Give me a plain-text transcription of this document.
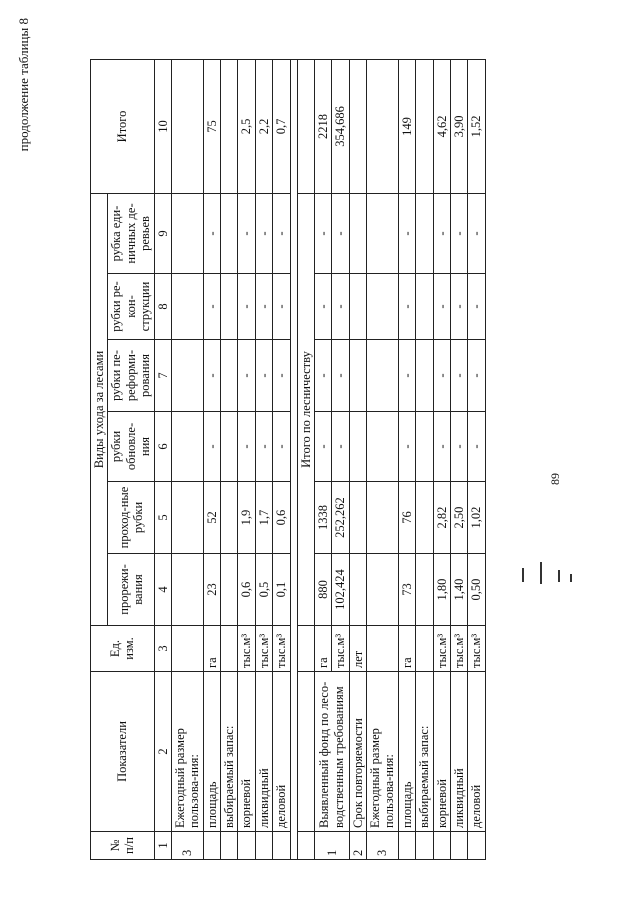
продолжение таблицы 8
№ п/п	Показатели	Ед. изм.	Виды ухода за лесами						Итого
			прорежи-вания	проход-ные рубки	рубки обновле-ния	рубки пе-реформи-рования	рубки ре-кон-струкции	рубка еди-ничных де-ревьев	
1	2	3	4	5	6	7	8	9	10
3	Ежегодный размер пользова-ния:								
	площадь	га	23	52	-	-	-	-	75
	выбираемый запас:								
	корневой	тыс.м³	0,6	1,9	-	-	-	-	2,5
	ликвидный	тыс.м³	0,5	1,7	-	-	-	-	2,2
	деловой	тыс.м³	0,1	0,6	-	-	-	-	0,7

			Итого по лесничеству						
1	Выявленный фонд по лесо-водственным требованиям	га	880	1338	-	-	-	-	2218
		тыс.м³	102,424	252,262	-	-	-	-	354,686
2	Срок повторяемости	лет							
3	Ежегодный размер пользова-ния:								
	площадь	га	73	76	-	-	-	-	149
	выбираемый запас:								
	корневой	тыс.м³	1,80	2,82	-	-	-	-	4,62
	ликвидный	тыс.м³	1,40	2,50	-	-	-	-	3,90
	деловой	тыс.м³	0,50	1,02	-	-	-	-	1,52
89
